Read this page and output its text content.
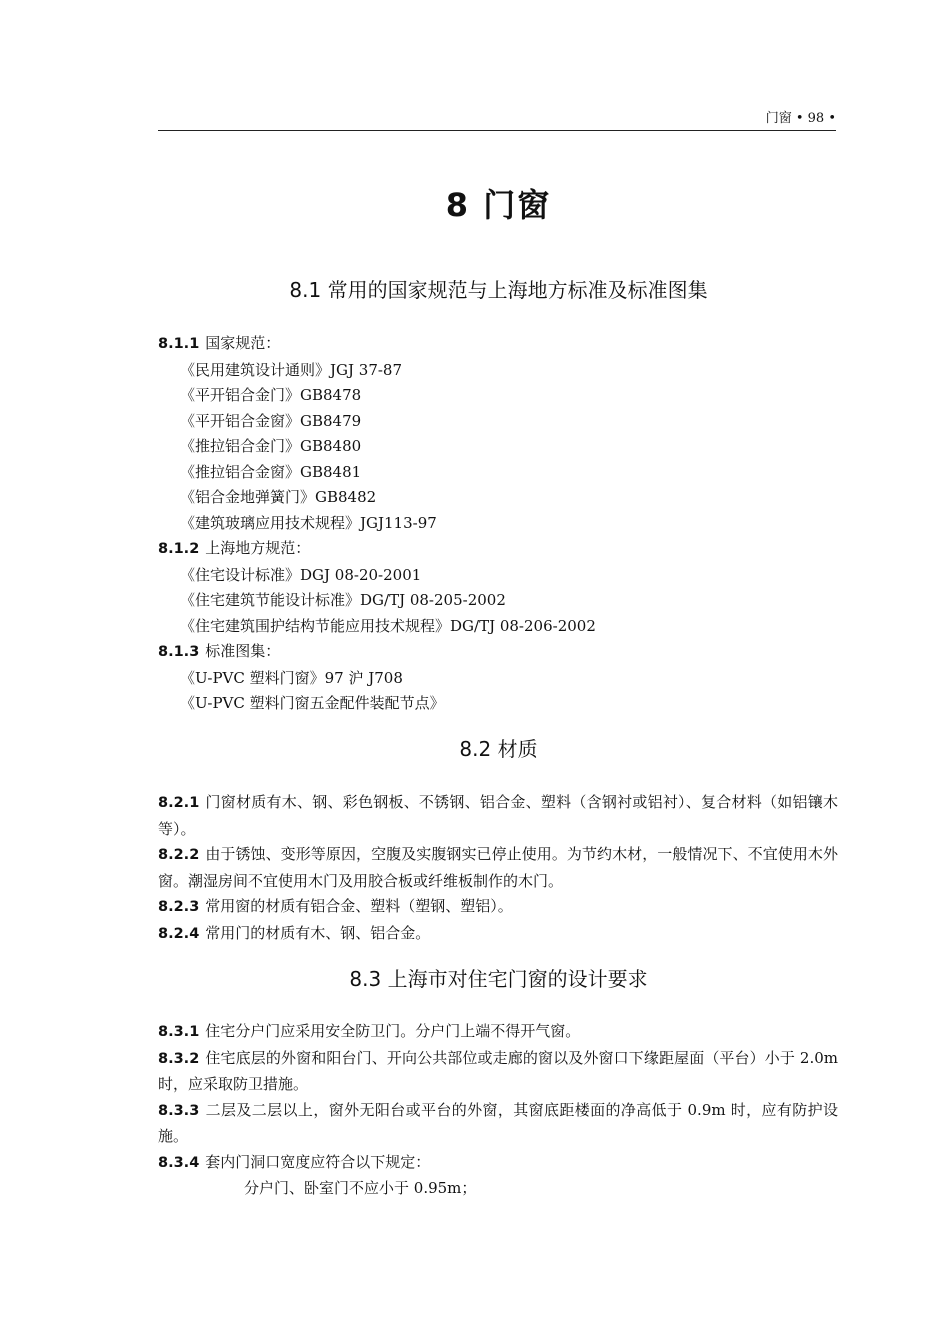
门窗 • 98 •
8 门窗
8.1 常用的国家规范与上海地方标准及标准图集
8.1.1 国家规范：
《民用建筑设计通则》JGJ 37-87
《平开铝合金门》GB8478
《平开铝合金窗》GB8479
《推拉铝合金门》GB8480
《推拉铝合金窗》GB8481
《铝合金地弹簧门》GB8482
《建筑玻璃应用技术规程》JGJ113-97
8.1.2 上海地方规范：
《住宅设计标准》DGJ 08-20-2001
《住宅建筑节能设计标准》DG/TJ 08-205-2002
《住宅建筑围护结构节能应用技术规程》DG/TJ 08-206-2002
8.1.3 标准图集：
《U-PVC 塑料门窗》97 沪 J708
《U-PVC 塑料门窗五金配件装配节点》
8.2 材质
8.2.1 门窗材质有木、钢、彩色钢板、不锈钢、铝合金、塑料（含钢衬或铝衬）、复合材料（如铝镶木等）。
8.2.2 由于锈蚀、变形等原因，空腹及实腹钢实已停止使用。为节约木材，一般情况下、不宜使用木外窗。潮湿房间不宜使用木门及用胶合板或纤维板制作的木门。
8.2.3 常用窗的材质有铝合金、塑料（塑钢、塑铝）。
8.2.4 常用门的材质有木、钢、铝合金。
8.3 上海市对住宅门窗的设计要求
8.3.1 住宅分户门应采用安全防卫门。分户门上端不得开气窗。
8.3.2 住宅底层的外窗和阳台门、开向公共部位或走廊的窗以及外窗口下缘距屋面（平台）小于 2.0m 时，应采取防卫措施。
8.3.3 二层及二层以上，窗外无阳台或平台的外窗，其窗底距楼面的净高低于 0.9m 时，应有防护设施。
8.3.4 套内门洞口宽度应符合以下规定：
分户门、卧室门不应小于 0.95m；
